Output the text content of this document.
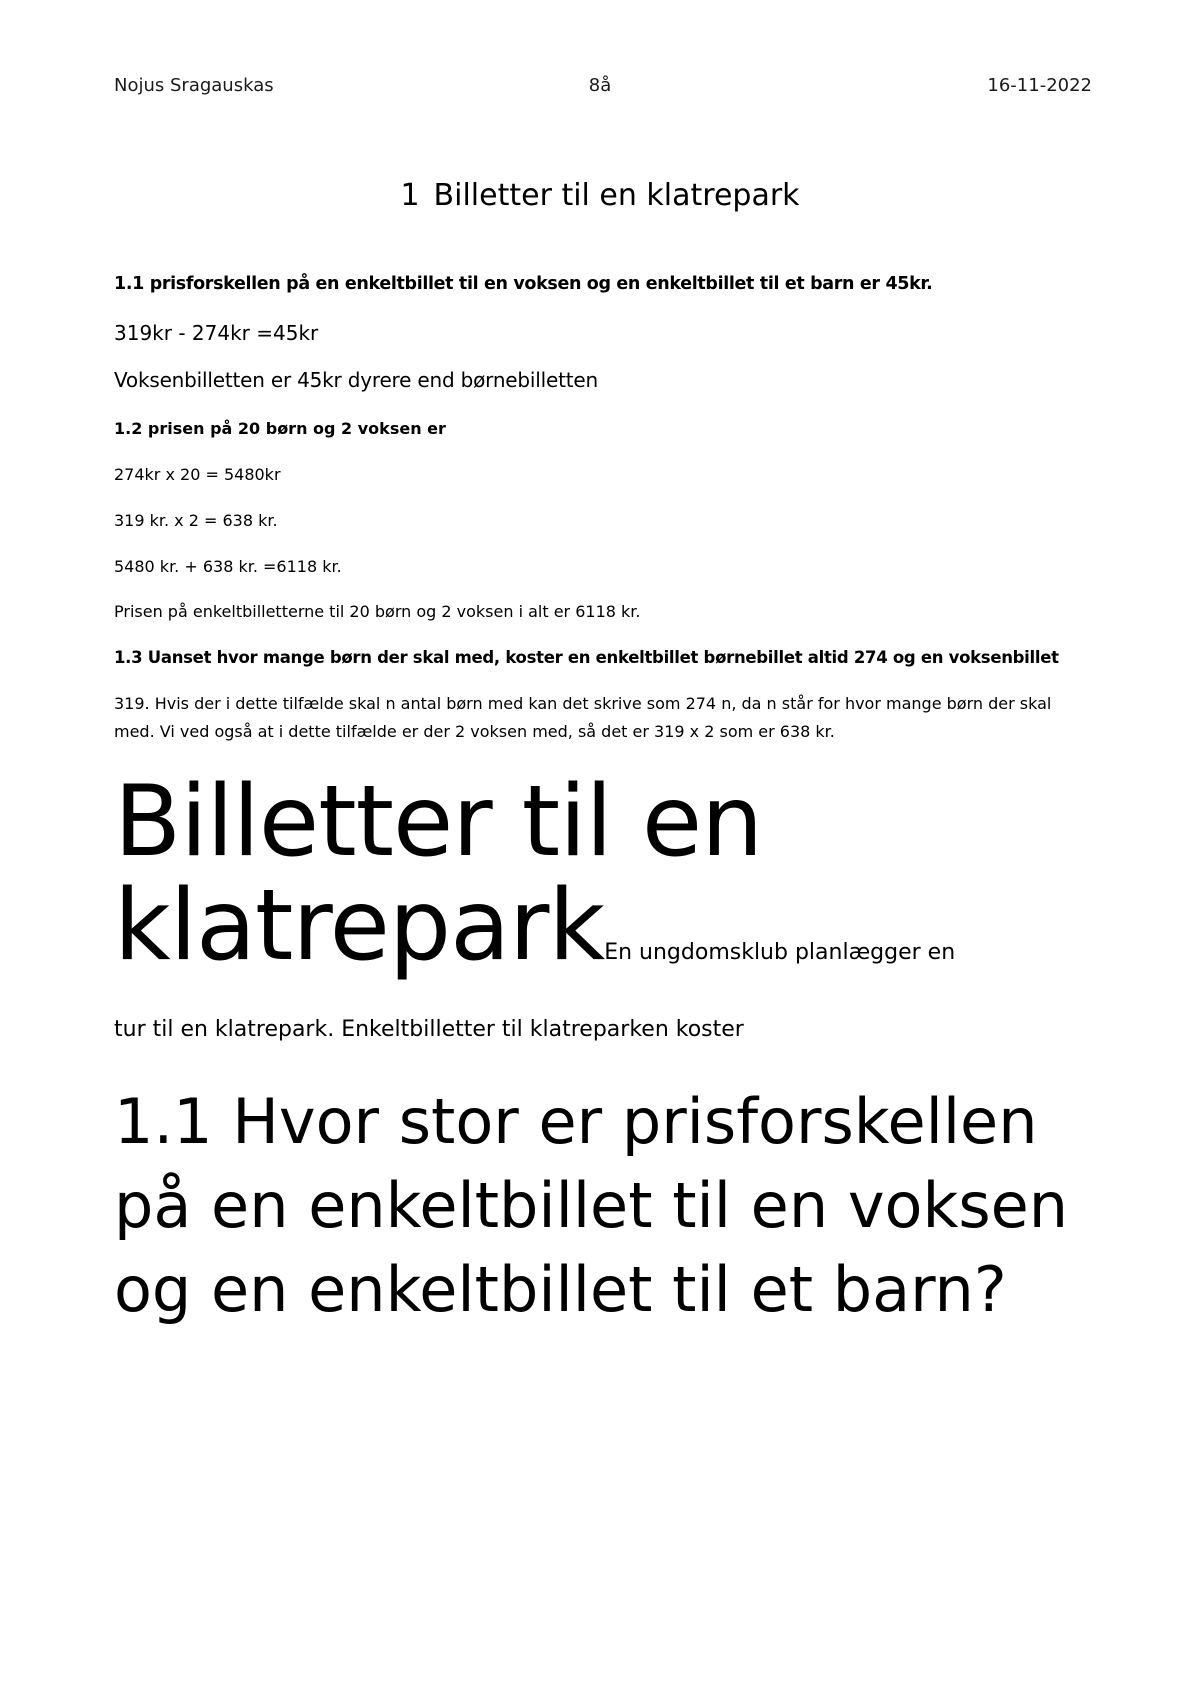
Nojus Sragauskas	8å	16-11-2022
1 Billetter til en klatrepark
1.1 prisforskellen på en enkeltbillet til en voksen og en enkeltbillet til et barn er 45kr.
319kr - 274kr =45kr
Voksenbilletten er 45kr dyrere end børnebilletten
1.2 prisen på 20 børn og 2 voksen er
274kr x 20 = 5480kr
319 kr. x 2 = 638 kr.
5480 kr. + 638 kr. =6118 kr.
Prisen på enkeltbilletterne til 20 børn og 2 voksen i alt er 6118 kr.
1.3 Uanset hvor mange børn der skal med, koster en enkeltbillet børnebillet altid 274 og en voksenbillet
319. Hvis der i dette tilfælde skal n antal børn med kan det skrive som 274 n, da n står for hvor mange børn der skal med. Vi ved også at i dette tilfælde er der 2 voksen med, så det er 319 x 2 som er 638 kr.
Billetter til en
klatreparkEn ungdomsklub planlægger en
tur til en klatrepark. Enkeltbilletter til klatreparken koster
1.1 Hvor stor er prisforskellen på en enkeltbillet til en voksen og en enkeltbillet til et barn?
